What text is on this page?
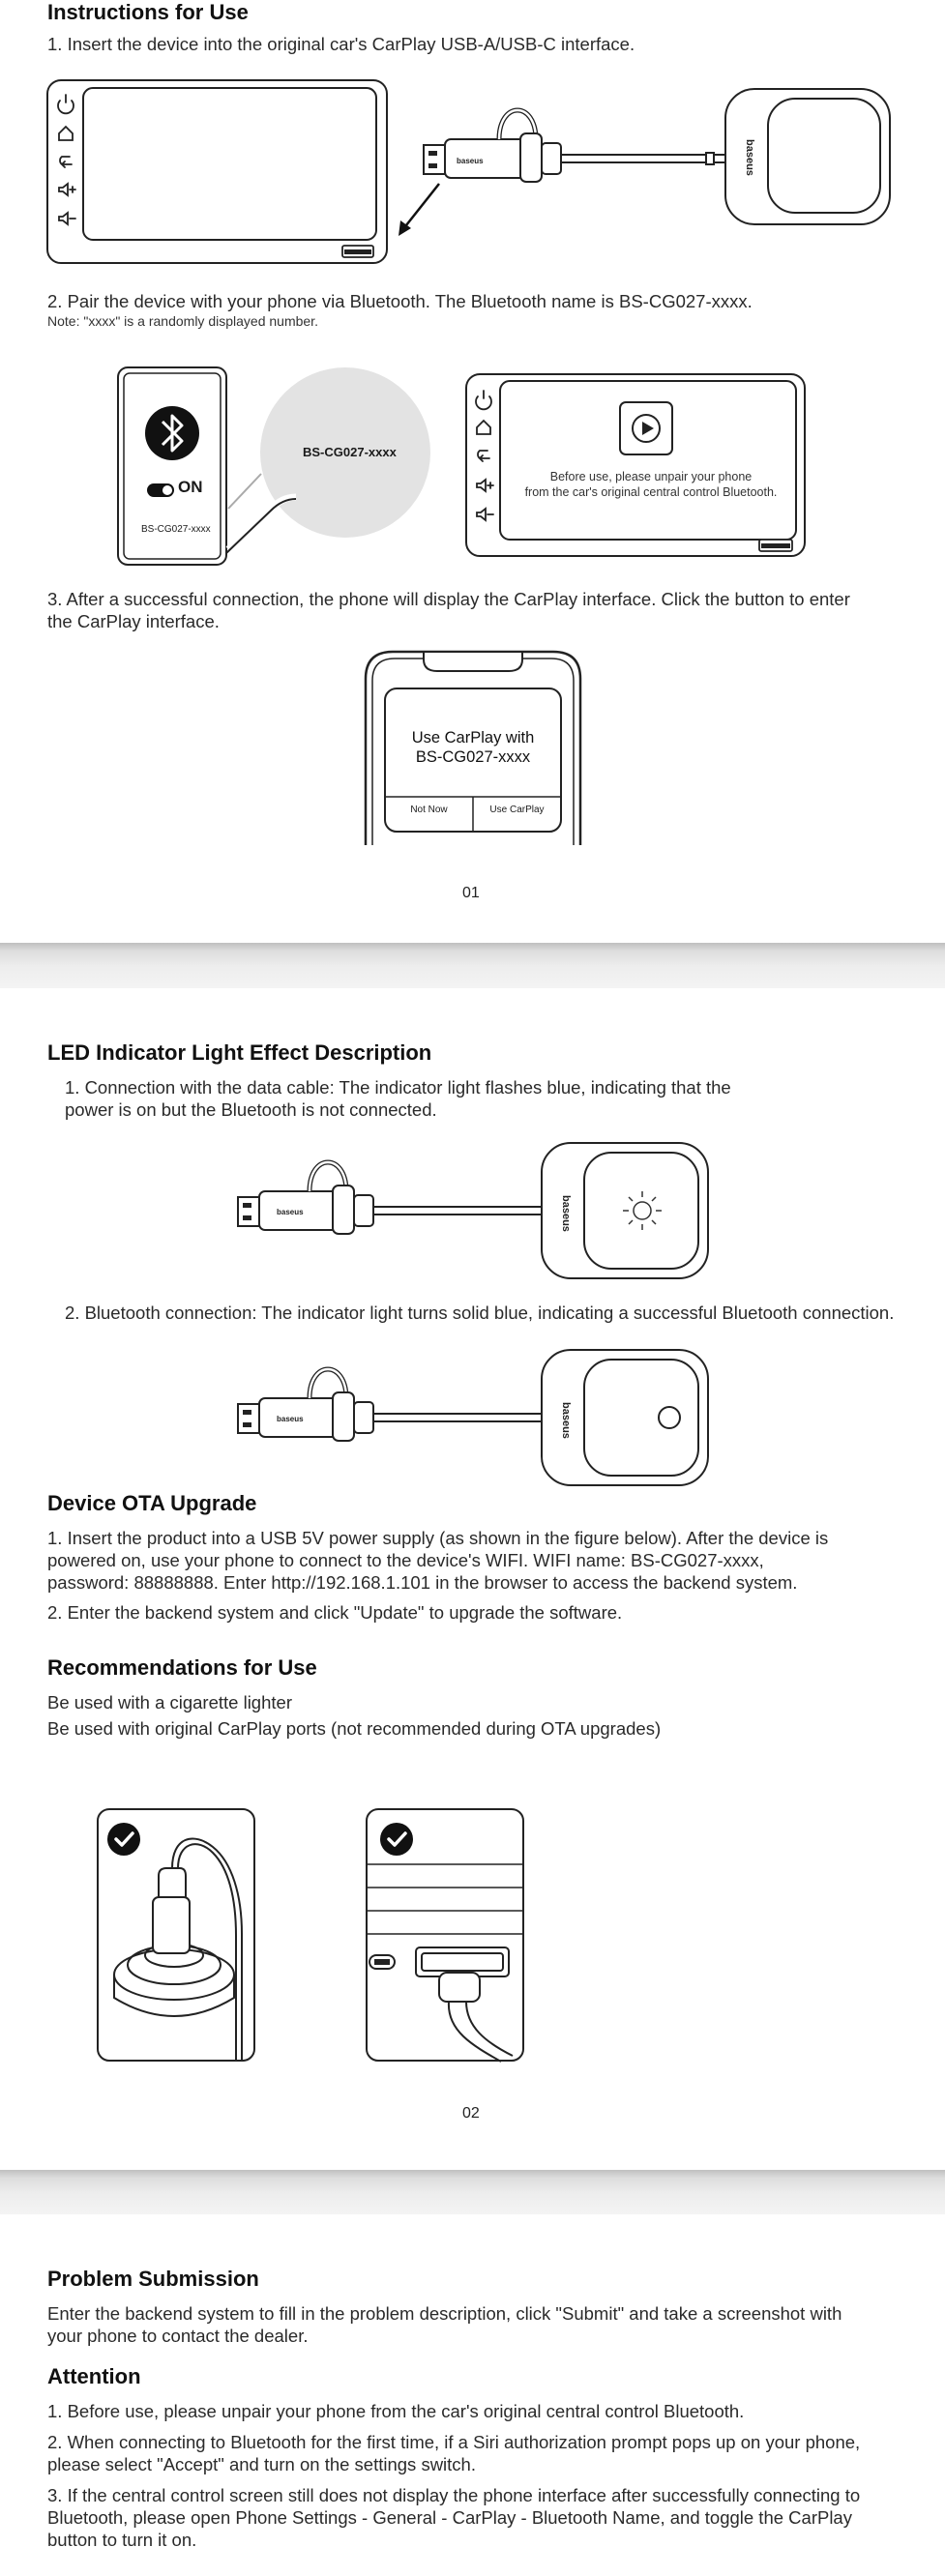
Instructions for Use
1. Insert the device into the original car's CarPlay USB-A/USB-C interface.
baseus	baseus
2. Pair the device with your phone via Bluetooth. The Bluetooth name is BS-CG027-xxxx.
Note: "xxxx" is a randomly displayed number.
ON
BS-CG027-xxxx
BS-CG027-xxxx
Before use, please unpair your phone
from the car's original central control Bluetooth.
3. After a successful connection, the phone will display the CarPlay interface. Click the button to enter
the CarPlay interface.
Use CarPlay with
BS-CG027-xxxx
Not Now	Use CarPlay
01
LED Indicator Light Effect Description
1. Connection with the data cable: The indicator light flashes blue, indicating that the
power is on but the Bluetooth is not connected.
baseus	baseus
2. Bluetooth connection: The indicator light turns solid blue, indicating a successful Bluetooth connection.
baseus	baseus
Device OTA Upgrade
1. Insert the product into a USB 5V power supply (as shown in the figure below). After the device is
powered on, use your phone to connect to the device's WIFI. WIFI name: BS-CG027-xxxx,
password: 88888888. Enter http://192.168.1.101 in the browser to access the backend system.
2. Enter the backend system and click "Update" to upgrade the software.
Recommendations for Use
Be used with a cigarette lighter
Be used with original CarPlay ports (not recommended during OTA upgrades)
02
Problem Submission
Enter the backend system to fill in the problem description, click "Submit" and take a screenshot with
your phone to contact the dealer.
Attention
1. Before use, please unpair your phone from the car's original central control Bluetooth.
2. When connecting to Bluetooth for the first time, if a Siri authorization prompt pops up on your phone,
please select "Accept" and turn on the settings switch.
3. If the central control screen still does not display the phone interface after successfully connecting to
Bluetooth, please open Phone Settings - General - CarPlay - Bluetooth Name, and toggle the CarPlay
button to turn it on.
